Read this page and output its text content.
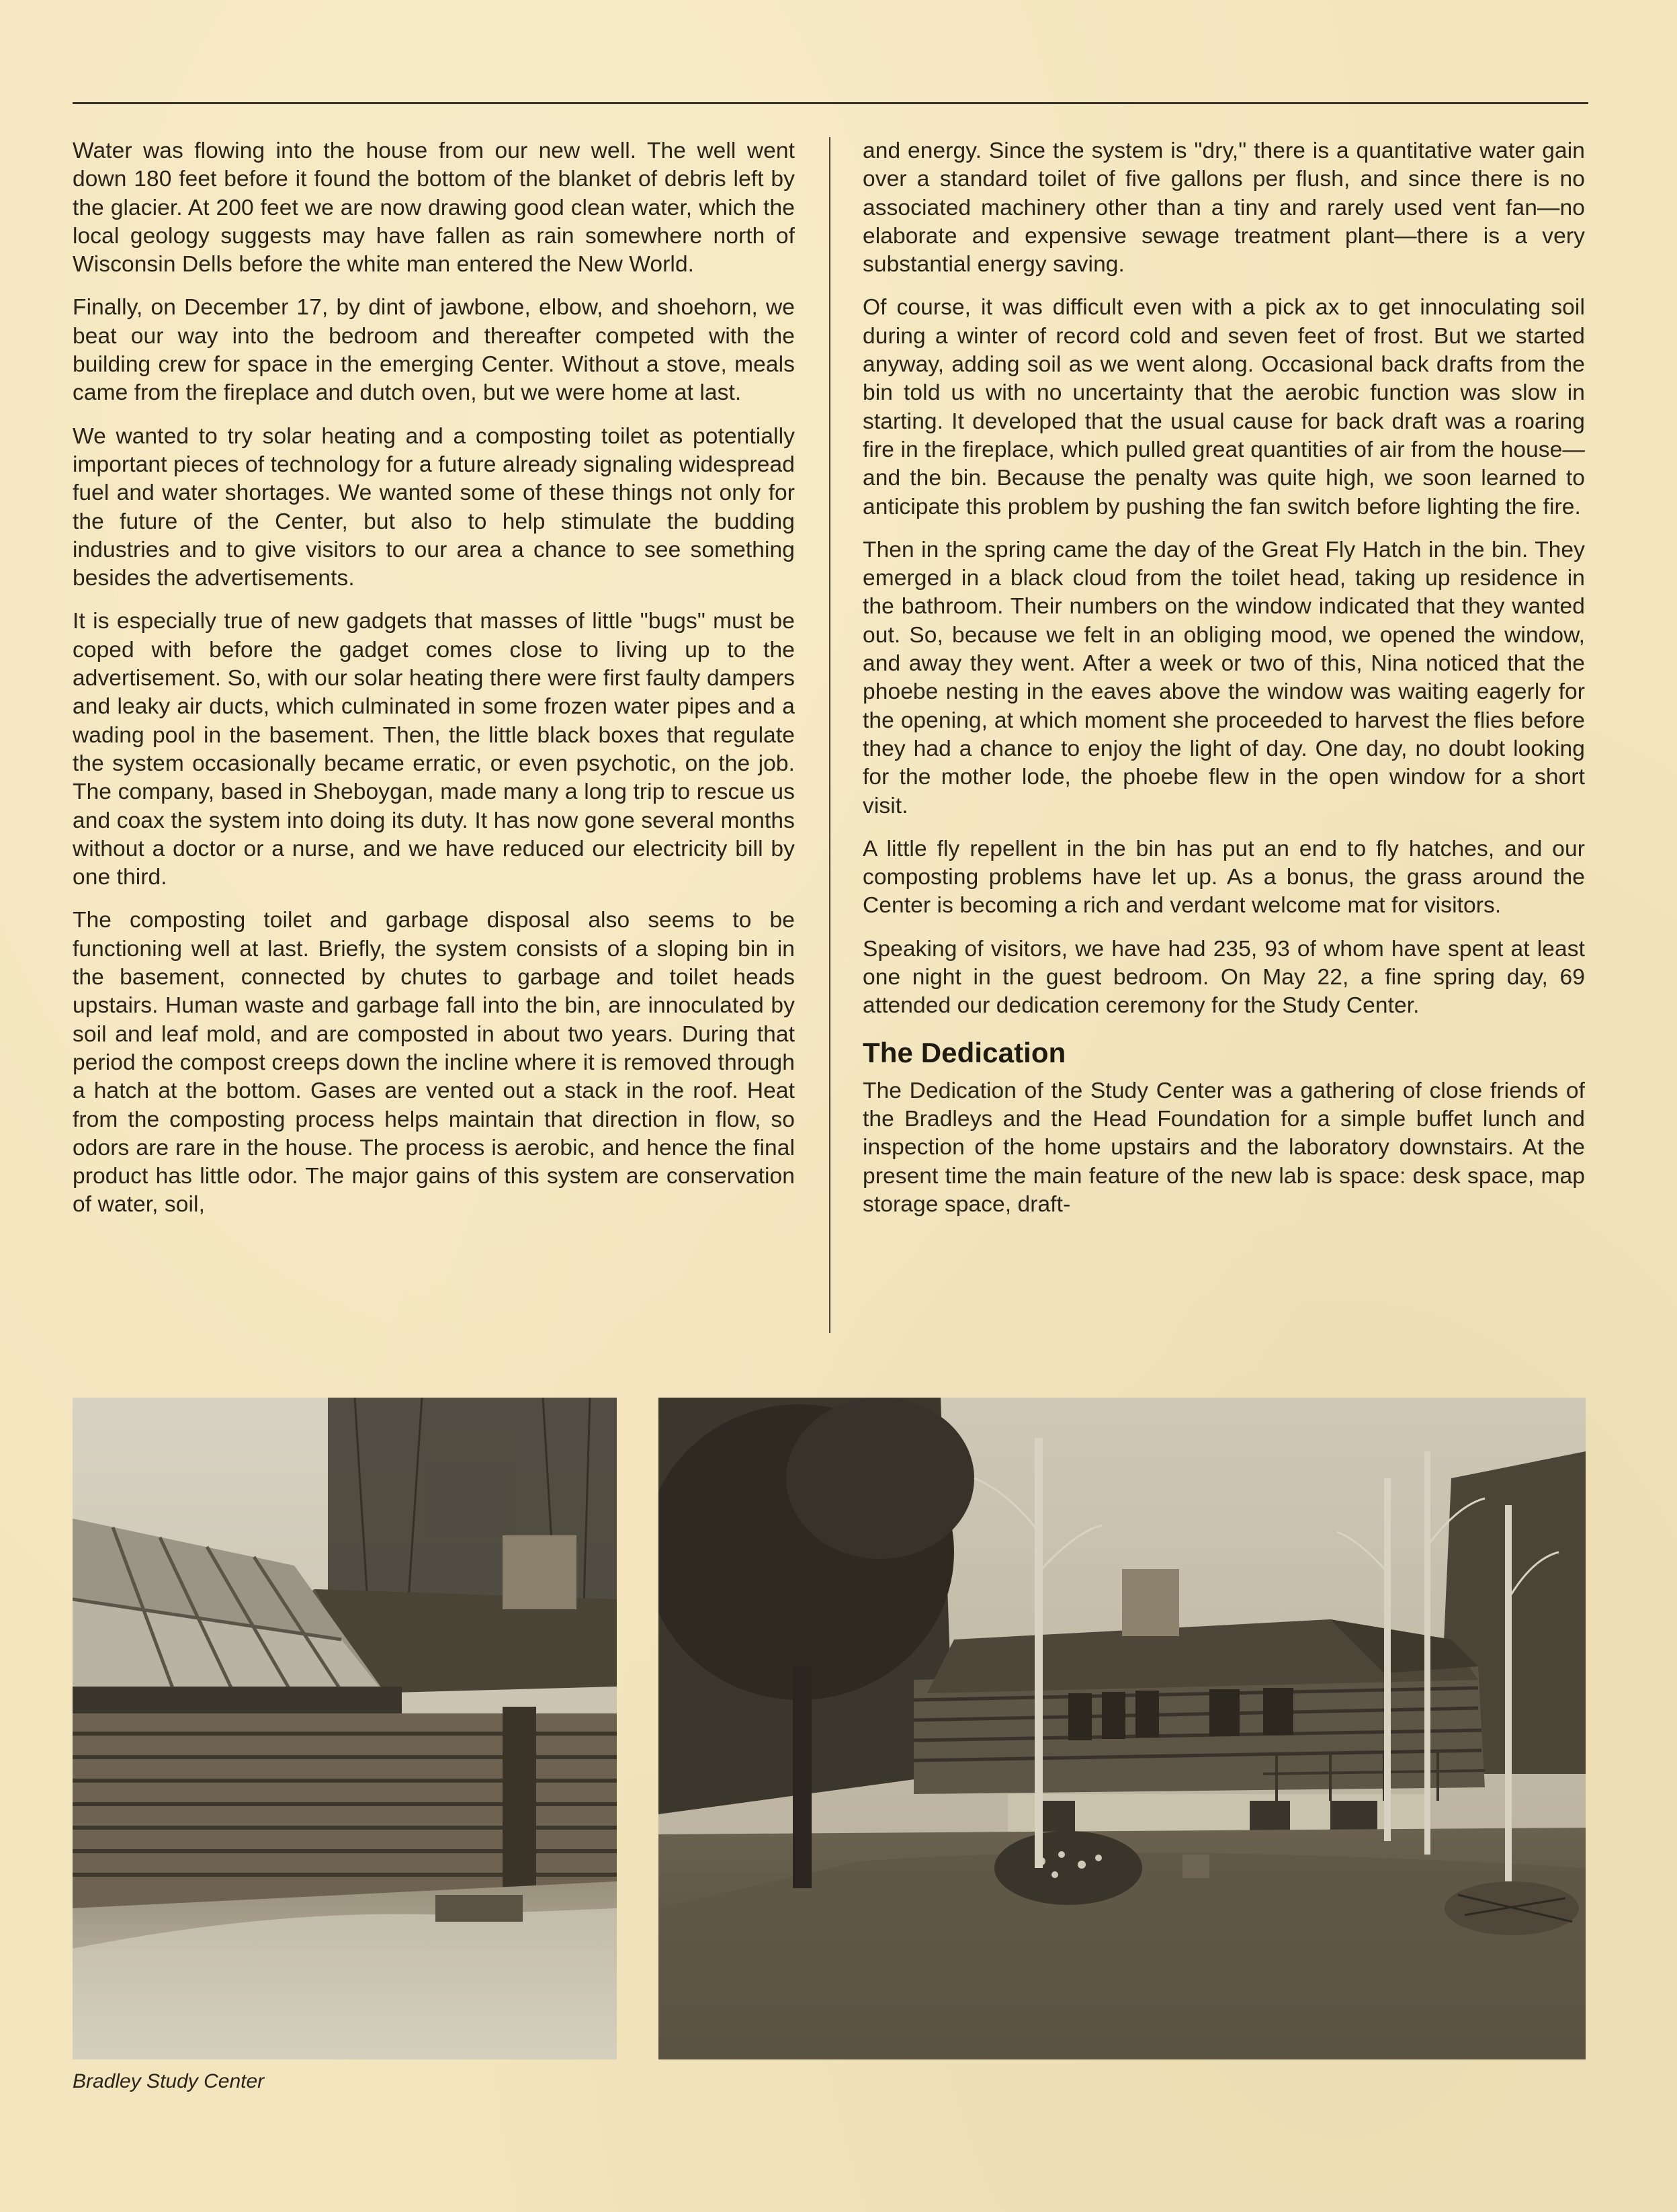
Water was flowing into the house from our new well. The well went down 180 feet before it found the bottom of the blanket of debris left by the glacier. At 200 feet we are now drawing good clean water, which the local geology suggests may have fallen as rain somewhere north of Wisconsin Dells before the white man entered the New World.

Finally, on December 17, by dint of jawbone, elbow, and shoehorn, we beat our way into the bedroom and thereafter competed with the building crew for space in the emerging Center. Without a stove, meals came from the fireplace and dutch oven, but we were home at last.

We wanted to try solar heating and a composting toilet as potentially important pieces of technology for a future already signaling widespread fuel and water shortages. We wanted some of these things not only for the future of the Center, but also to help stimulate the budding industries and to give visitors to our area a chance to see something besides the advertisements.

It is especially true of new gadgets that masses of little "bugs" must be coped with before the gadget comes close to living up to the advertisement. So, with our solar heating there were first faulty dampers and leaky air ducts, which culminated in some frozen water pipes and a wading pool in the basement. Then, the little black boxes that regulate the system occasionally became erratic, or even psychotic, on the job. The company, based in Sheboygan, made many a long trip to rescue us and coax the system into doing its duty. It has now gone several months without a doctor or a nurse, and we have reduced our electricity bill by one third.

The composting toilet and garbage disposal also seems to be functioning well at last. Briefly, the system consists of a sloping bin in the basement, connected by chutes to garbage and toilet heads upstairs. Human waste and garbage fall into the bin, are innoculated by soil and leaf mold, and are composted in about two years. During that period the compost creeps down the incline where it is removed through a hatch at the bottom. Gases are vented out a stack in the roof. Heat from the composting process helps maintain that direction in flow, so odors are rare in the house. The process is aerobic, and hence the final product has little odor. The major gains of this system are conservation of water, soil,

and energy. Since the system is "dry," there is a quantitative water gain over a standard toilet of five gallons per flush, and since there is no associated machinery other than a tiny and rarely used vent fan—no elaborate and expensive sewage treatment plant—there is a very substantial energy saving.

Of course, it was difficult even with a pick ax to get innoculating soil during a winter of record cold and seven feet of frost. But we started anyway, adding soil as we went along. Occasional back drafts from the bin told us with no uncertainty that the aerobic function was slow in starting. It developed that the usual cause for back draft was a roaring fire in the fireplace, which pulled great quantities of air from the house—and the bin. Because the penalty was quite high, we soon learned to anticipate this problem by pushing the fan switch before lighting the fire.

Then in the spring came the day of the Great Fly Hatch in the bin. They emerged in a black cloud from the toilet head, taking up residence in the bathroom. Their numbers on the window indicated that they wanted out. So, because we felt in an obliging mood, we opened the window, and away they went. After a week or two of this, Nina noticed that the phoebe nesting in the eaves above the window was waiting eagerly for the opening, at which moment she proceeded to harvest the flies before they had a chance to enjoy the light of day. One day, no doubt looking for the mother lode, the phoebe flew in the open window for a short visit.

A little fly repellent in the bin has put an end to fly hatches, and our composting problems have let up. As a bonus, the grass around the Center is becoming a rich and verdant welcome mat for visitors.

Speaking of visitors, we have had 235, 93 of whom have spent at least one night in the guest bedroom. On May 22, a fine spring day, 69 attended our dedication ceremony for the Study Center.

The Dedication

The Dedication of the Study Center was a gathering of close friends of the Bradleys and the Head Foundation for a simple buffet lunch and inspection of the home upstairs and the laboratory downstairs. At the present time the main feature of the new lab is space: desk space, map storage space, draft-

Bradley Study Center
